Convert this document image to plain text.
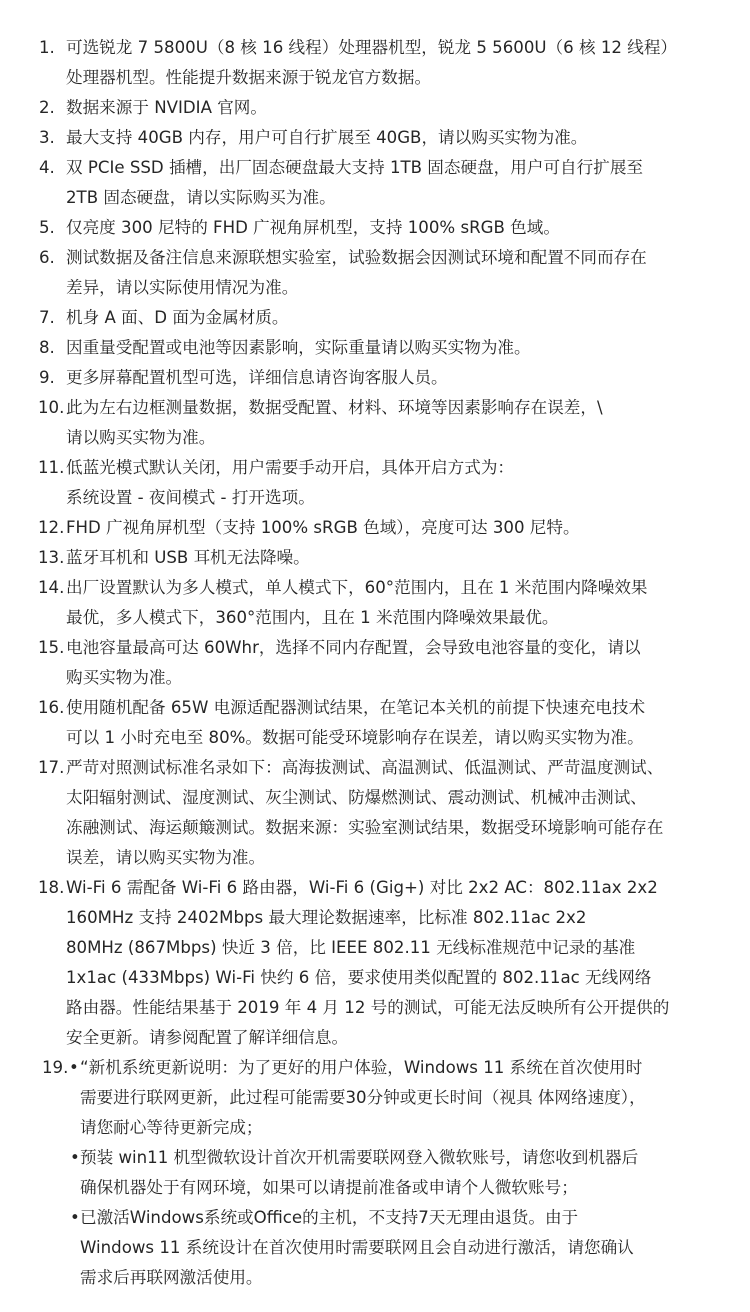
1. 可选锐龙 7 5800U（8 核 16 线程）处理器机型，锐龙 5 5600U（6 核 12 线程）
处理器机型。性能提升数据来源于锐龙官方数据。
2. 数据来源于 NVIDIA 官网。
3. 最大支持 40GB 内存，用户可自行扩展至 40GB，请以购买实物为准。
4. 双 PCIe SSD 插槽，出厂固态硬盘最大支持 1TB 固态硬盘，用户可自行扩展至
2TB 固态硬盘，请以实际购买为准。
5. 仅亮度 300 尼特的 FHD 广视角屏机型，支持 100% sRGB 色域。
6. 测试数据及备注信息来源联想实验室，试验数据会因测试环境和配置不同而存在
差异，请以实际使用情况为准。
7. 机身 A 面、D 面为金属材质。
8. 因重量受配置或电池等因素影响，实际重量请以购买实物为准。
9. 更多屏幕配置机型可选，详细信息请咨询客服人员。
10. 此为左右边框测量数据，数据受配置、材料、环境等因素影响存在误差，\
请以购买实物为准。
11. 低蓝光模式默认关闭，用户需要手动开启，具体开启方式为：
系统设置 - 夜间模式 - 打开选项。
12. FHD 广视角屏机型（支持 100% sRGB 色域），亮度可达 300 尼特。
13. 蓝牙耳机和 USB 耳机无法降噪。
14. 出厂设置默认为多人模式，单人模式下，60°范围内，且在 1 米范围内降噪效果
最优，多人模式下，360°范围内，且在 1 米范围内降噪效果最优。
15. 电池容量最高可达 60Whr，选择不同内存配置，会导致电池容量的变化，请以
购买实物为准。
16. 使用随机配备 65W 电源适配器测试结果，在笔记本关机的前提下快速充电技术
可以 1 小时充电至 80%。数据可能受环境影响存在误差，请以购买实物为准。
17. 严苛对照测试标准名录如下：高海拔测试、高温测试、低温测试、严苛温度测试、
太阳辐射测试、湿度测试、灰尘测试、防爆燃测试、震动测试、机械冲击测试、
冻融测试、海运颠簸测试。数据来源：实验室测试结果，数据受环境影响可能存在
误差，请以购买实物为准。
18. Wi-Fi 6 需配备 Wi-Fi 6 路由器，Wi-Fi 6 (Gig+) 对比 2x2 AC：802.11ax 2x2
160MHz 支持 2402Mbps 最大理论数据速率，比标准 802.11ac 2x2
80MHz (867Mbps) 快近 3 倍，比 IEEE 802.11 无线标准规范中记录的基准
1x1ac (433Mbps) Wi-Fi 快约 6 倍，要求使用类似配置的 802.11ac 无线网络
路由器。性能结果基于 2019 年 4 月 12 号的测试，可能无法反映所有公开提供的
安全更新。请参阅配置了解详细信息。
19. • “新机系统更新说明：为了更好的用户体验，Windows 11 系统在首次使用时
需要进行联网更新，此过程可能需要30分钟或更长时间（视具 体网络速度），
请您耐心等待更新完成；
• 预装 win11 机型微软设计首次开机需要联网登入微软账号，请您收到机器后
确保机器处于有网环境，如果可以请提前准备或申请个人微软账号；
• 已激活Windows系统或Office的主机，不支持7天无理由退货。由于
Windows 11 系统设计在首次使用时需要联网且会自动进行激活，请您确认
需求后再联网激活使用。
